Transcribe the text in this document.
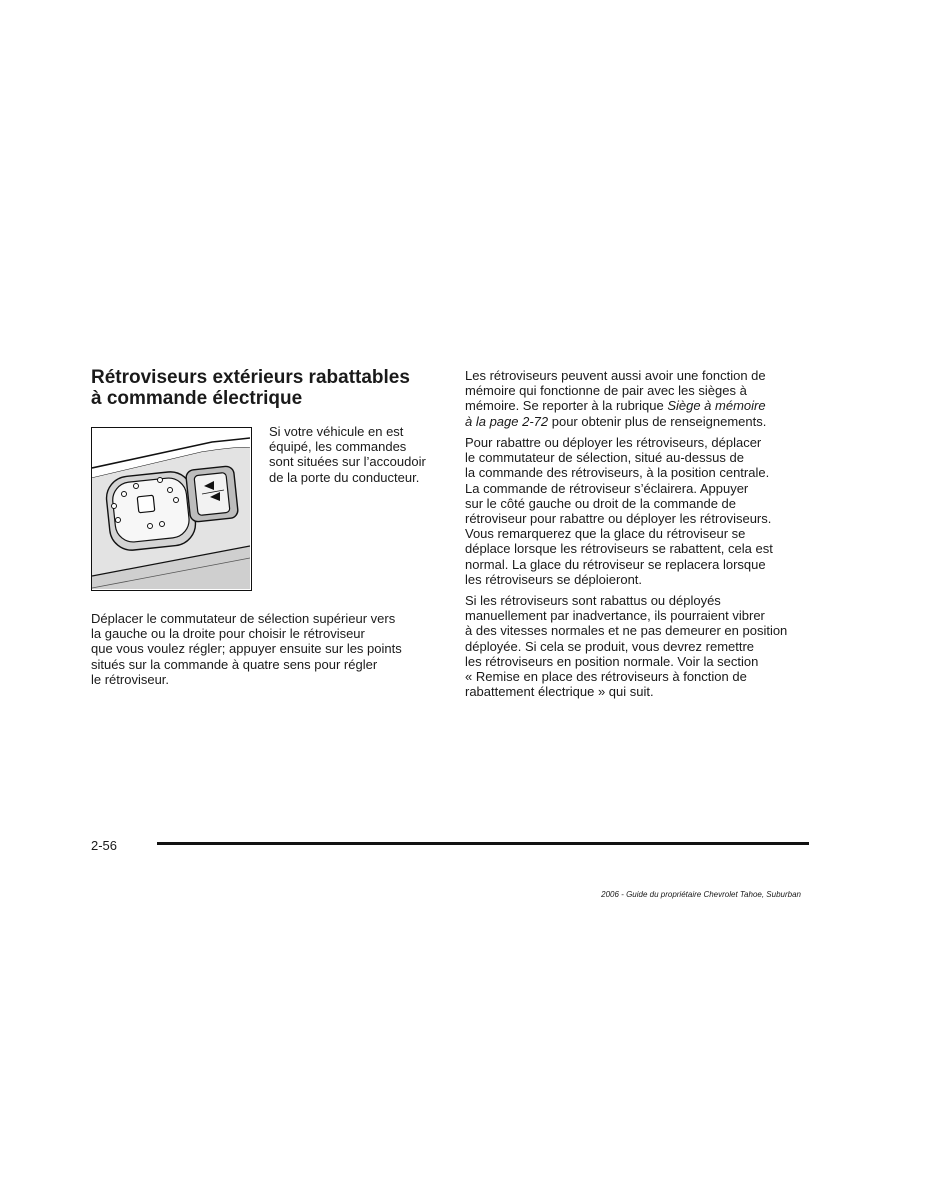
Rétroviseurs extérieurs rabattables
à commande électrique

Si votre véhicule en est
équipé, les commandes
sont situées sur l’accoudoir
de la porte du conducteur.

Déplacer le commutateur de sélection supérieur vers
la gauche ou la droite pour choisir le rétroviseur
que vous voulez régler; appuyer ensuite sur les points
situés sur la commande à quatre sens pour régler
le rétroviseur.

Les rétroviseurs peuvent aussi avoir une fonction de
mémoire qui fonctionne de pair avec les sièges à
mémoire. Se reporter à la rubrique Siège à mémoire
à la page 2-72 pour obtenir plus de renseignements.

Pour rabattre ou déployer les rétroviseurs, déplacer
le commutateur de sélection, situé au-dessus de
la commande des rétroviseurs, à la position centrale.
La commande de rétroviseur s’éclairera. Appuyer
sur le côté gauche ou droit de la commande de
rétroviseur pour rabattre ou déployer les rétroviseurs.
Vous remarquerez que la glace du rétroviseur se
déplace lorsque les rétroviseurs se rabattent, cela est
normal. La glace du rétroviseur se replacera lorsque
les rétroviseurs se déploieront.

Si les rétroviseurs sont rabattus ou déployés
manuellement par inadvertance, ils pourraient vibrer
à des vitesses normales et ne pas demeurer en position
déployée. Si cela se produit, vous devrez remettre
les rétroviseurs en position normale. Voir la section
« Remise en place des rétroviseurs à fonction de
rabattement électrique » qui suit.

2-56
2006 - Guide du propriétaire Chevrolet Tahoe, Suburban
